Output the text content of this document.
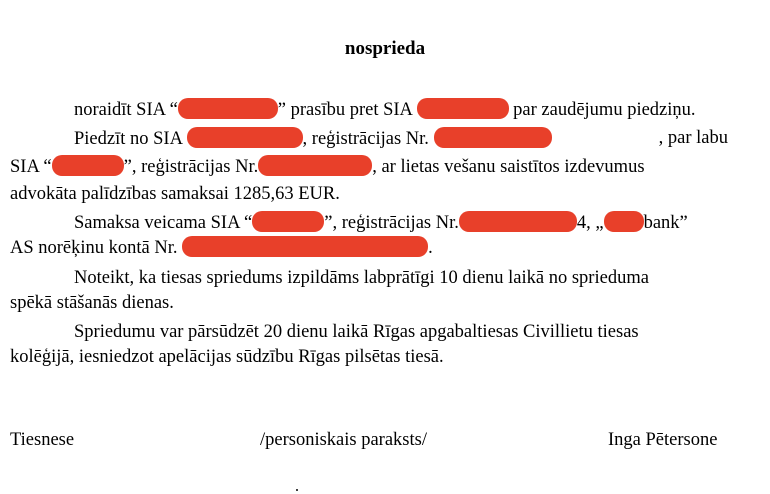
nosprieda
noraidīt SIA “	” prasību pret SIA	par zaudējumu piedziņu.
Piedzīt no SIA	, reģistrācijas Nr.	, par labu
SIA “	”, reģistrācijas Nr.	, ar lietas vešanu saistītos izdevumus
advokāta palīdzības samaksai 1285,63 EUR.
Samaksa veicama SIA “	”, reģistrācijas Nr.	4, „ bank”
AS norēķinu kontā Nr.	.
Noteikt, ka tiesas spriedums izpildāms labprātīgi 10 dienu laikā no sprieduma
spēkā stāšanās dienas.
Spriedumu var pārsūdzēt 20 dienu laikā Rīgas apgabaltiesas Civillietu tiesas
kolēģijā, iesniedzot apelācijas sūdzību Rīgas pilsētas tiesā.
Tiesnese	/personiskais paraksts/	Inga Pētersone
